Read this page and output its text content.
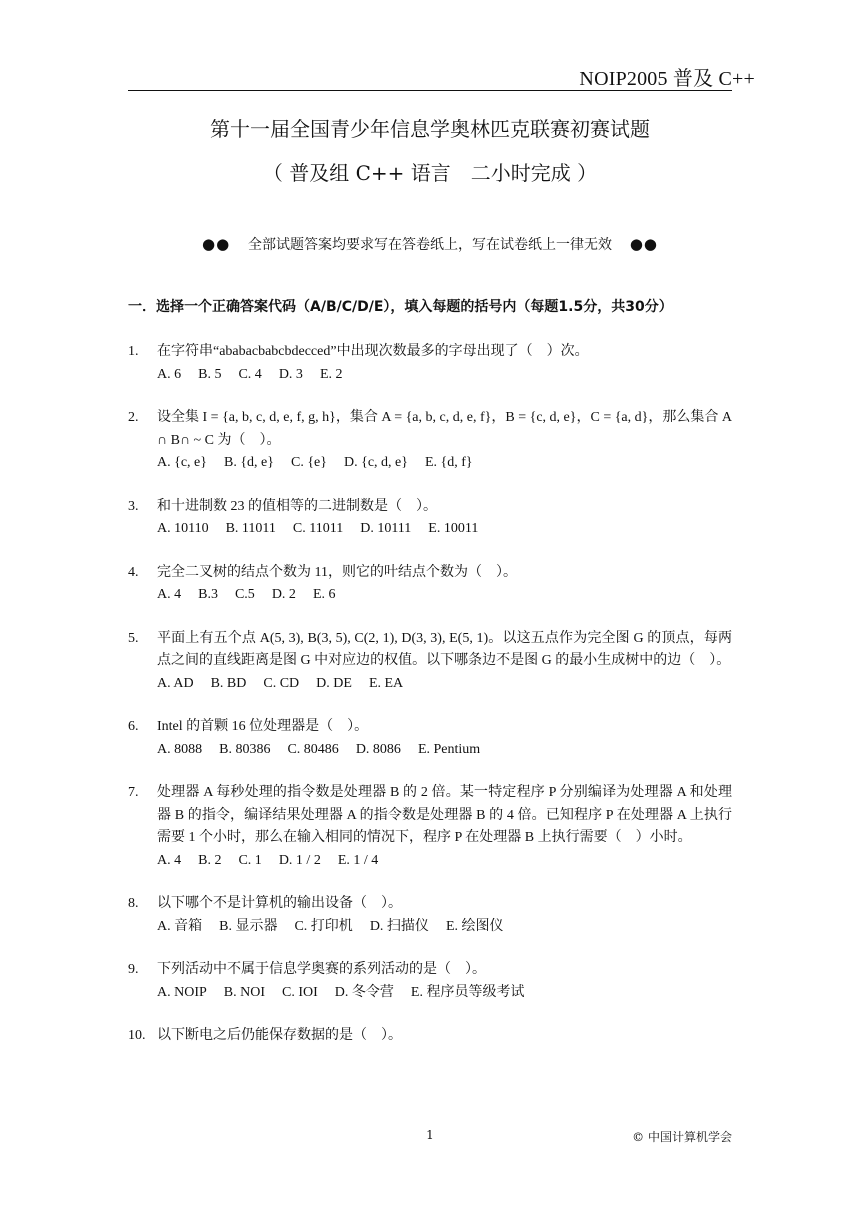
NOIP2005 普及 C++
第十一届全国青少年信息学奥林匹克联赛初赛试题
（ 普及组 C++ 语言　二小时完成 ）
●● 全部试题答案均要求写在答卷纸上，写在试卷纸上一律无效 ●●
一．选择一个正确答案代码（A/B/C/D/E），填入每题的括号内（每题1.5分，共30分）
1. 在字符串“ababacbabcbdecced”中出现次数最多的字母出现了（　）次。
A. 6 B. 5 C. 4 D. 3 E. 2
2. 设全集 I = {a, b, c, d, e, f, g, h}，集合 A = {a, b, c, d, e, f}，B = {c, d, e}，C = {a, d}，那么集合 A ∩ B∩ ~ C 为（　）。
A. {c, e} B. {d, e} C. {e} D. {c, d, e} E. {d, f}
3. 和十进制数 23 的值相等的二进制数是（　）。
A. 10110 B. 11011 C. 11011 D. 10111 E. 10011
4. 完全二叉树的结点个数为 11，则它的叶结点个数为（　）。
A. 4 B.3 C.5 D. 2 E. 6
5. 平面上有五个点 A(5, 3), B(3, 5), C(2, 1), D(3, 3), E(5, 1)。以这五点作为完全图 G 的顶点，每两点之间的直线距离是图 G 中对应边的权值。以下哪条边不是图 G 的最小生成树中的边（　）。
A. AD B. BD C. CD D. DE E. EA
6. Intel 的首颗 16 位处理器是（　）。
A. 8088 B. 80386 C. 80486 D. 8086 E. Pentium
7. 处理器 A 每秒处理的指令数是处理器 B 的 2 倍。某一特定程序 P 分别编译为处理器 A 和处理器 B 的指令，编译结果处理器 A 的指令数是处理器 B 的 4 倍。已知程序 P 在处理器 A 上执行需要 1 个小时，那么在输入相同的情况下，程序 P 在处理器 B 上执行需要（　）小时。
A. 4 B. 2 C. 1 D. 1 / 2 E. 1 / 4
8. 以下哪个不是计算机的输出设备（　）。
A. 音箱 B. 显示器 C. 打印机 D. 扫描仪 E. 绘图仪
9. 下列活动中不属于信息学奥赛的系列活动的是（　）。
A. NOIP B. NOI C. IOI D. 冬令营 E. 程序员等级考试
10. 以下断电之后仍能保存数据的是（　）。
1	© 中国计算机学会
